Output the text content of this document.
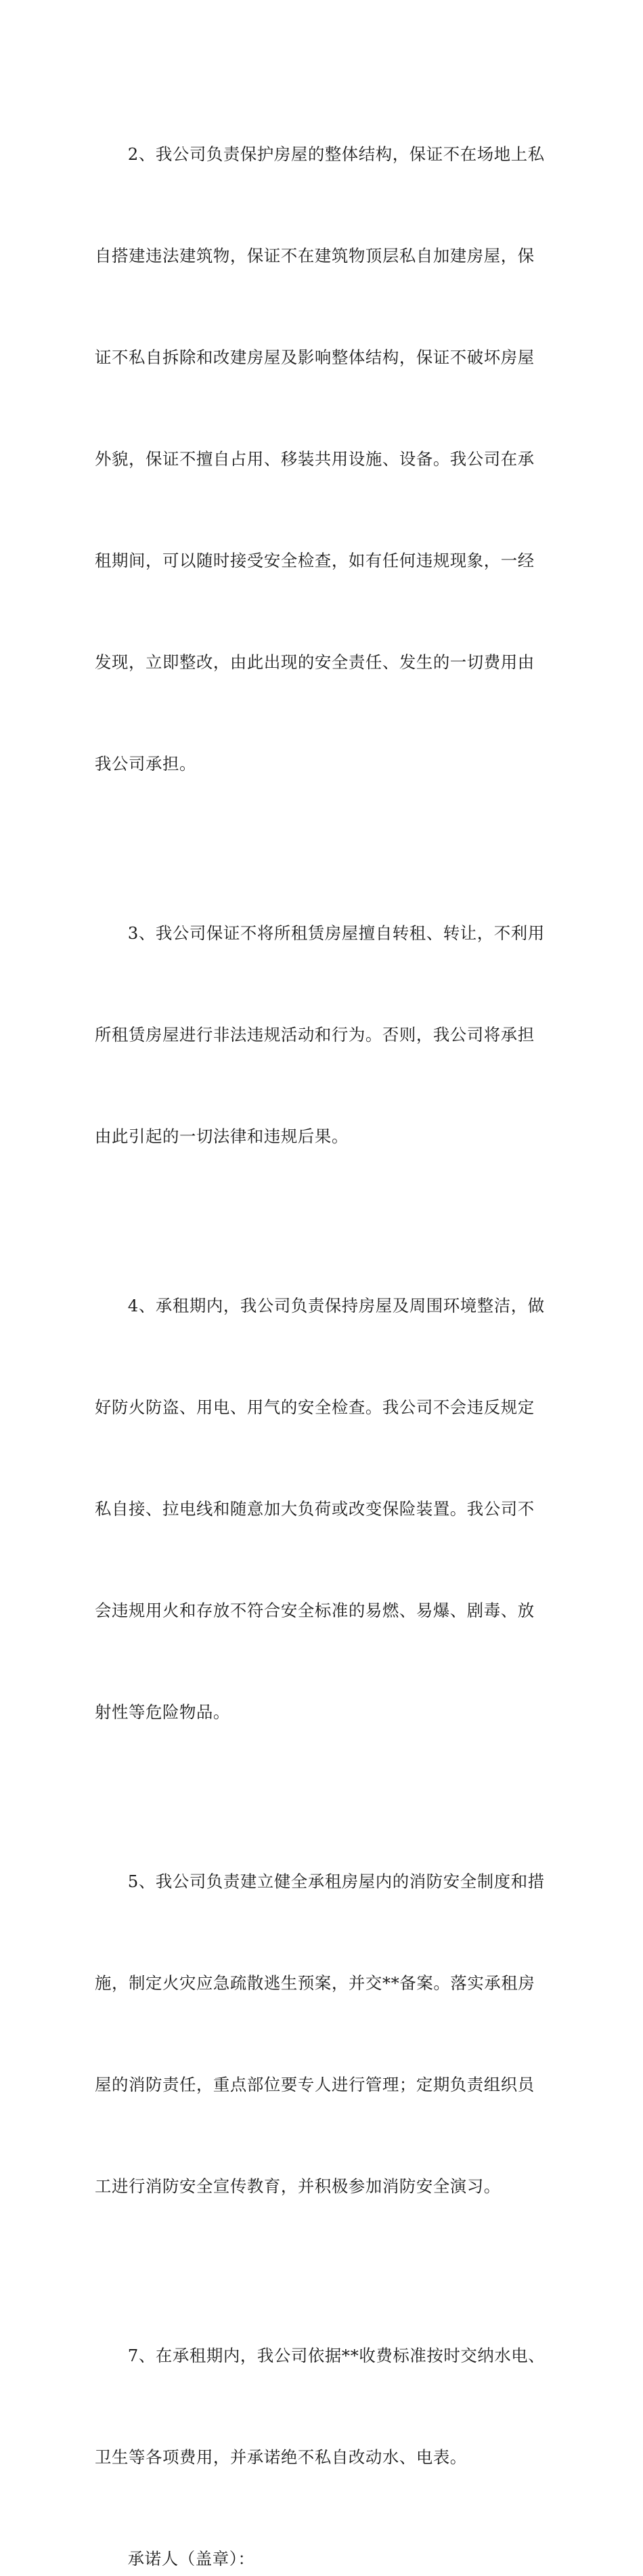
2、我公司负责保护房屋的整体结构，保证不在场地上私

自搭建违法建筑物，保证不在建筑物顶层私自加建房屋，保

证不私自拆除和改建房屋及影响整体结构，保证不破坏房屋

外貌，保证不擅自占用、移装共用设施、设备。我公司在承

租期间，可以随时接受安全检查，如有任何违规现象，一经

发现，立即整改，由此出现的安全责任、发生的一切费用由

我公司承担。

3、我公司保证不将所租赁房屋擅自转租、转让，不利用

所租赁房屋进行非法违规活动和行为。否则，我公司将承担

由此引起的一切法律和违规后果。

4、承租期内，我公司负责保持房屋及周围环境整洁，做

好防火防盗、用电、用气的安全检查。我公司不会违反规定

私自接、拉电线和随意加大负荷或改变保险装置。我公司不

会违规用火和存放不符合安全标准的易燃、易爆、剧毒、放

射性等危险物品。

5、我公司负责建立健全承租房屋内的消防安全制度和措

施，制定火灾应急疏散逃生预案，并交**备案。落实承租房

屋的消防责任，重点部位要专人进行管理；定期负责组织员

工进行消防安全宣传教育，并积极参加消防安全演习。

7、在承租期内，我公司依据**收费标准按时交纳水电、

卫生等各项费用，并承诺绝不私自改动水、电表。

承诺人（盖章）：
